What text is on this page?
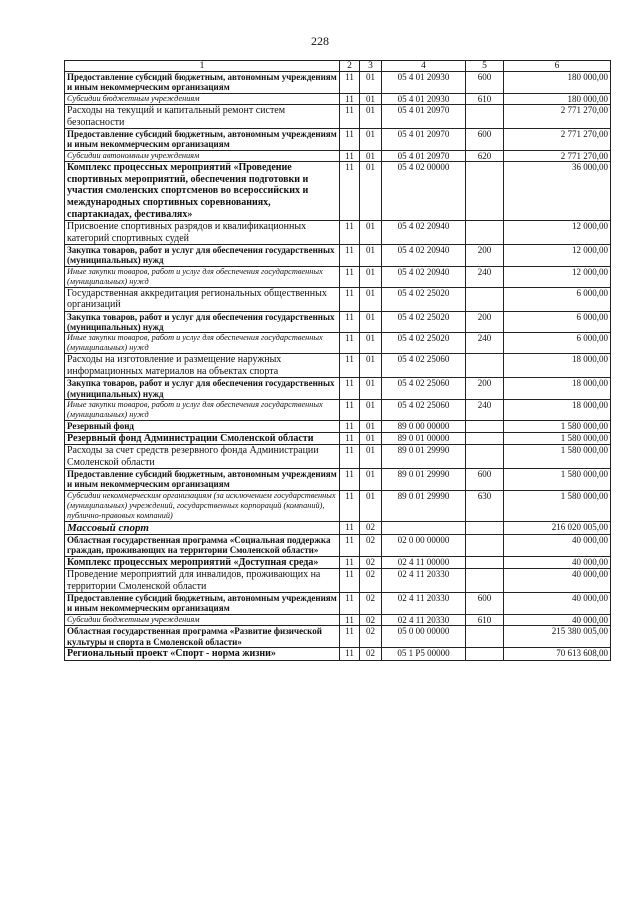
228
1	2	3	4	5	6
Предоставление субсидий бюджетным, автономным учреждениям и иным некоммерческим организациям	11	01	05 4 01 20930	600	180 000,00
Субсидии бюджетным учреждениям	11	01	05 4 01 20930	610	180 000,00
Расходы на текущий и капитальный ремонт систем безопасности	11	01	05 4 01 20970		2 771 270,00
Предоставление субсидий бюджетным, автономным учреждениям и иным некоммерческим организациям	11	01	05 4 01 20970	600	2 771 270,00
Субсидии автономным учреждениям	11	01	05 4 01 20970	620	2 771 270,00
Комплекс процессных мероприятий «Проведение спортивных мероприятий, обеспечения подготовки и участия смоленских спортсменов во всероссийских и международных спортивных соревнованиях, спартакиадах, фестивалях»	11	01	05 4 02 00000		36 000,00
Присвоение спортивных разрядов и квалификационных категорий спортивных судей	11	01	05 4 02 20940		12 000,00
Закупка товаров, работ и услуг для обеспечения государственных (муниципальных) нужд	11	01	05 4 02 20940	200	12 000,00
Иные закупки товаров, работ и услуг для обеспечения государственных (муниципальных) нужд	11	01	05 4 02 20940	240	12 000,00
Государственная аккредитация региональных общественных организаций	11	01	05 4 02 25020		6 000,00
Закупка товаров, работ и услуг для обеспечения государственных (муниципальных) нужд	11	01	05 4 02 25020	200	6 000,00
Иные закупки товаров, работ и услуг для обеспечения государственных (муниципальных) нужд	11	01	05 4 02 25020	240	6 000,00
Расходы на изготовление и размещение наружных информационных материалов на объектах спорта	11	01	05 4 02 25060		18 000,00
Закупка товаров, работ и услуг для обеспечения государственных (муниципальных) нужд	11	01	05 4 02 25060	200	18 000,00
Иные закупки товаров, работ и услуг для обеспечения государственных (муниципальных) нужд	11	01	05 4 02 25060	240	18 000,00
Резервный фонд	11	01	89 0 00 00000		1 580 000,00
Резервный фонд Администрации Смоленской области	11	01	89 0 01 00000		1 580 000,00
Расходы за счет средств резервного фонда Администрации Смоленской области	11	01	89 0 01 29990		1 580 000,00
Предоставление субсидий бюджетным, автономным учреждениям и иным некоммерческим организациям	11	01	89 0 01 29990	600	1 580 000,00
Субсидии некоммерческим организациям (за исключением государственных (муниципальных) учреждений, государственных корпораций (компаний), публично-правовых компаний)	11	01	89 0 01 29990	630	1 580 000,00
Массовый спорт	11	02			216 020 005,00
Областная государственная программа «Социальная поддержка граждан, проживающих на территории Смоленской области»	11	02	02 0 00 00000		40 000,00
Комплекс процессных мероприятий «Доступная среда»	11	02	02 4 11 00000		40 000,00
Проведение мероприятий для инвалидов, проживающих на территории Смоленской области	11	02	02 4 11 20330		40 000,00
Предоставление субсидий бюджетным, автономным учреждениям и иным некоммерческим организациям	11	02	02 4 11 20330	600	40 000,00
Субсидии бюджетным учреждениям	11	02	02 4 11 20330	610	40 000,00
Областная государственная программа «Развитие физической культуры и спорта в Смоленской области»	11	02	05 0 00 00000		215 380 005,00
Региональный проект «Спорт - норма жизни»	11	02	05 1 P5 00000		70 613 608,00
